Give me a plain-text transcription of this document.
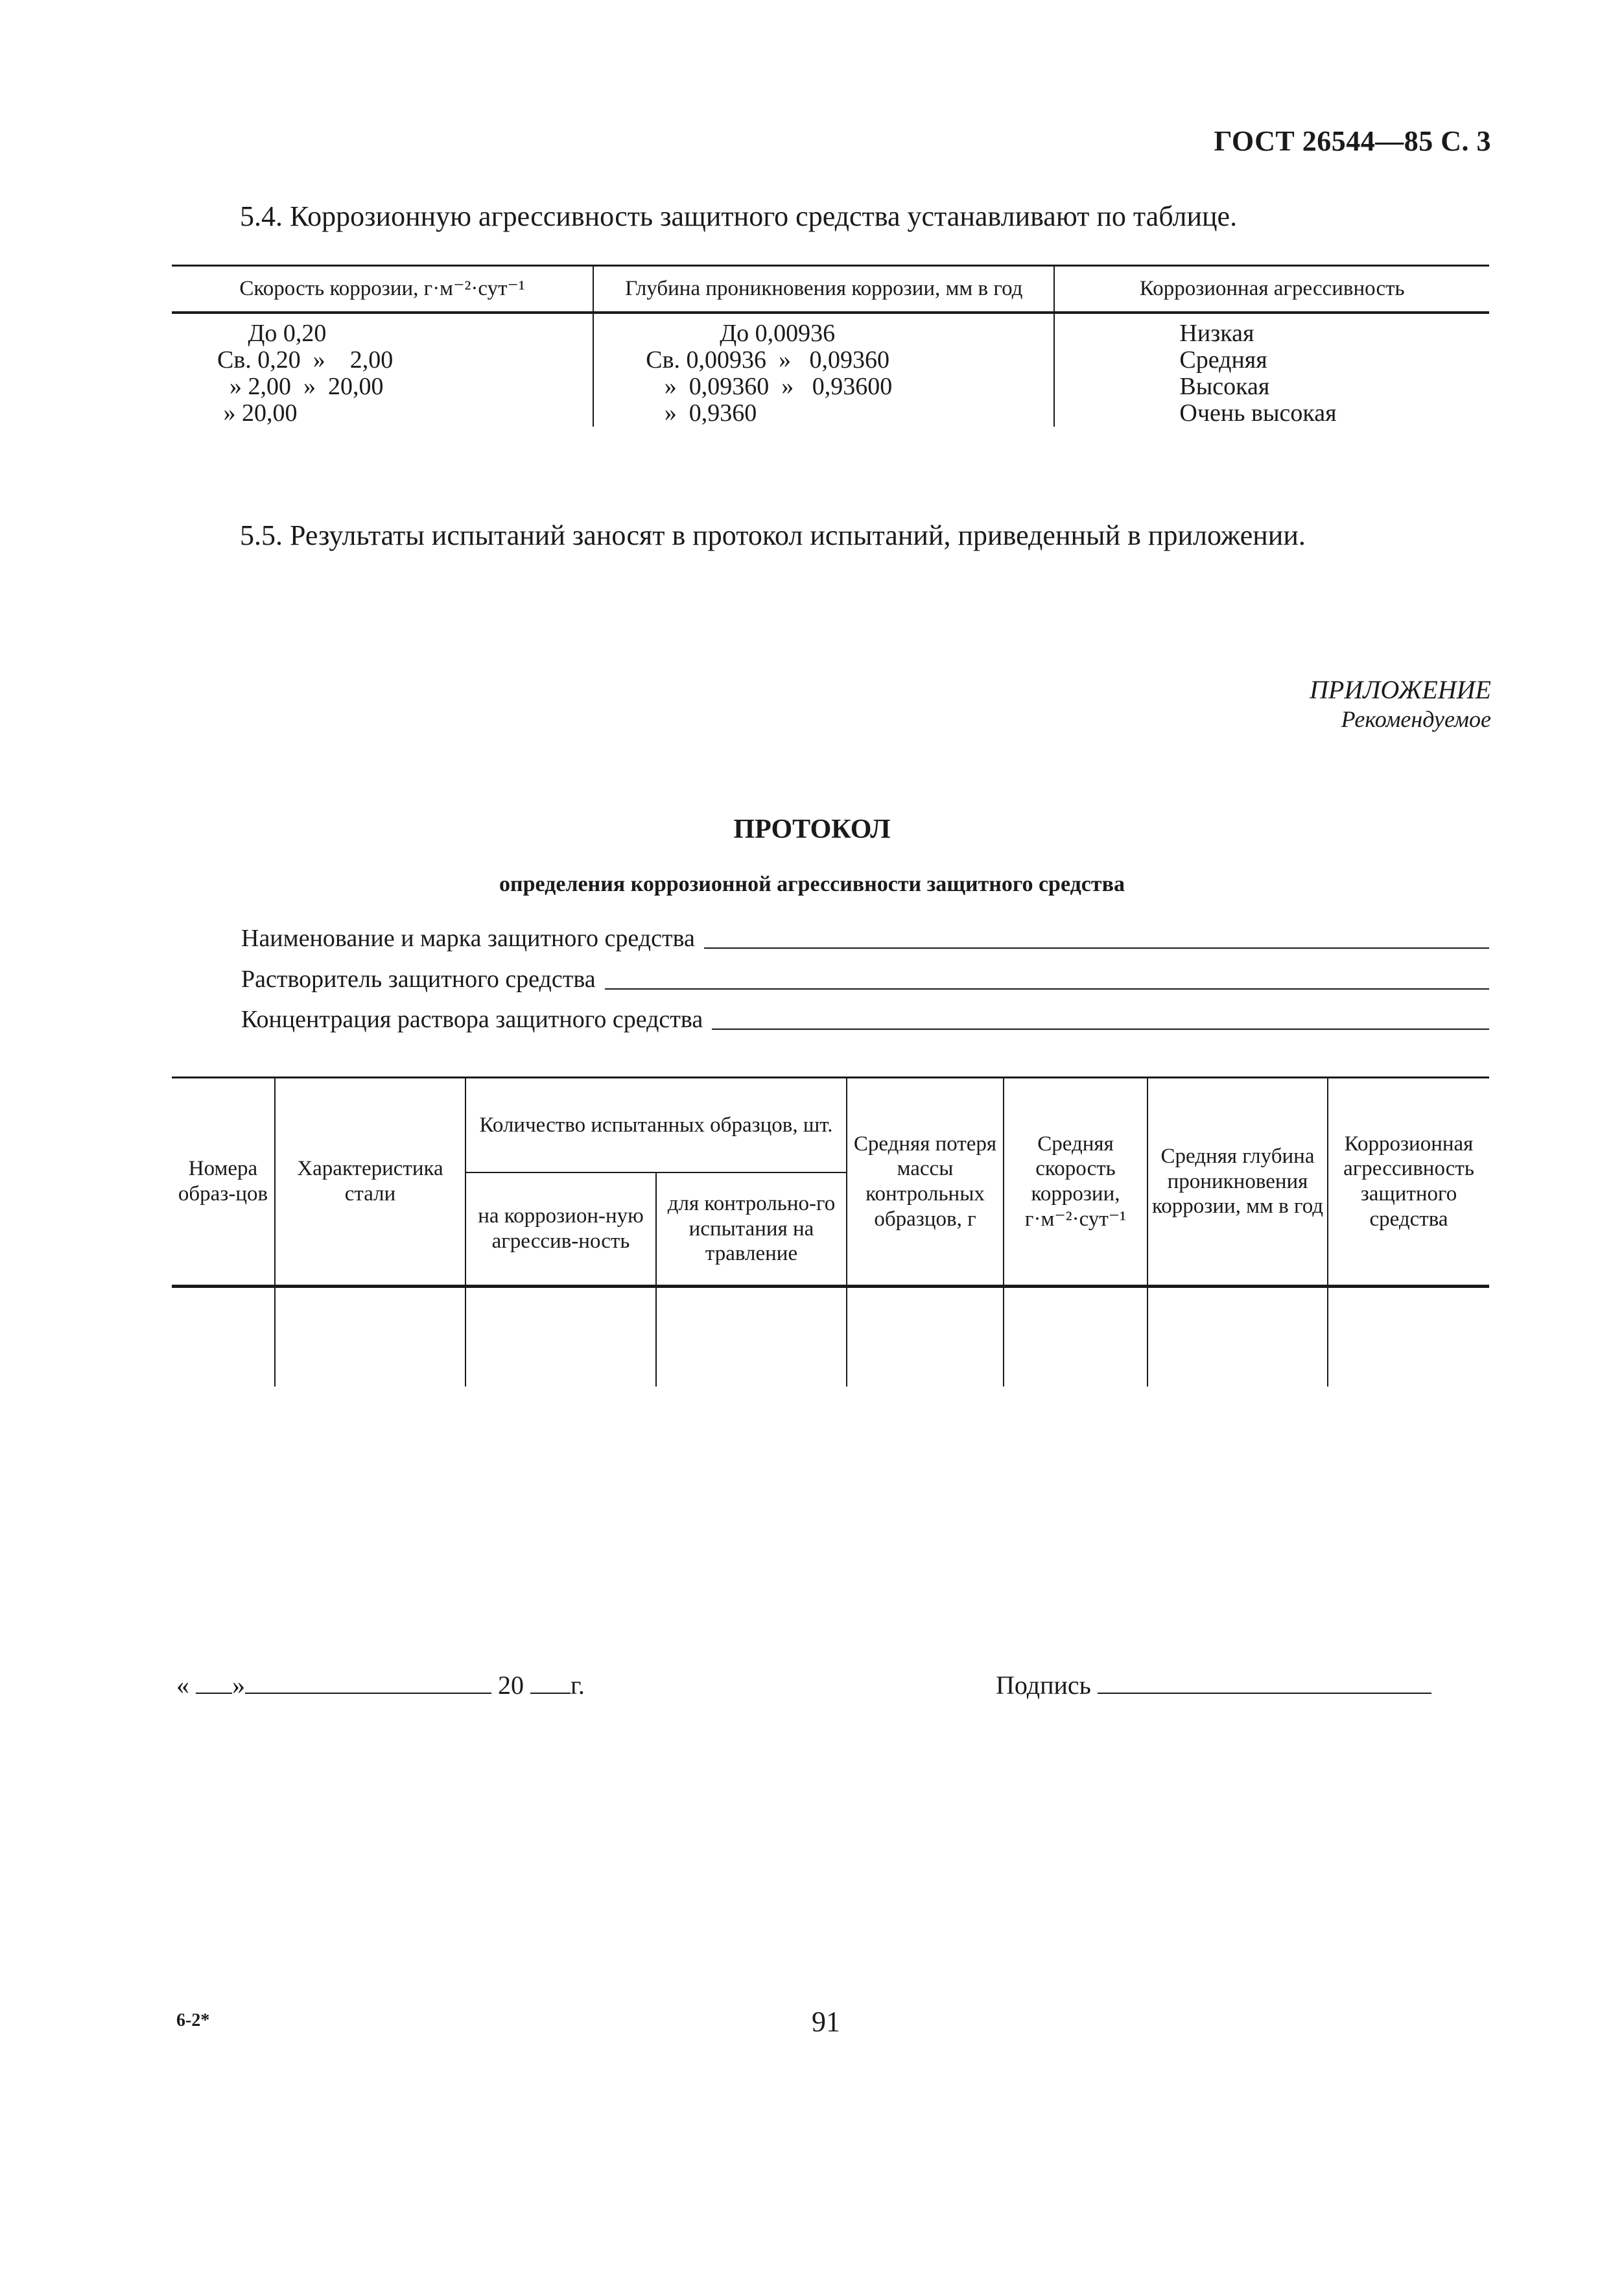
ГОСТ 26544—85 С. 3
5.4. Коррозионную агрессивность защитного средства устанавливают по таблице.
Скорость коррозии, г·м⁻²·сут⁻¹	Глубина проникновения коррозии, мм в год	Коррозионная агрессивность
До 0,20	До 0,00936	Низкая
Св. 0,20  »    2,00	Св. 0,00936  »   0,09360	Средняя
» 2,00  »  20,00	»  0,09360  »   0,93600	Высокая
» 20,00	»  0,9360	Очень высокая
5.5. Результаты испытаний заносят в протокол испытаний, приведенный в приложении.
ПРИЛОЖЕНИЕ
Рекомендуемое
ПРОТОКОЛ
определения коррозионной агрессивности защитного средства
Наименование и марка защитного средства
Растворитель защитного средства
Концентрация раствора защитного средства
Номера образ-цов	Характеристика стали	Количество испытанных образцов, шт.		Средняя потеря массы контрольных образцов, г	Средняя скорость коррозии, г·м⁻²·сут⁻¹	Средняя глубина проникновения коррозии, мм в год	Коррозионная агрессивность защитного средства
		на коррозион-ную агрессив-ность	для контрольно-го испытания на травление				

« »	20 г.	Подпись
6-2*	91
